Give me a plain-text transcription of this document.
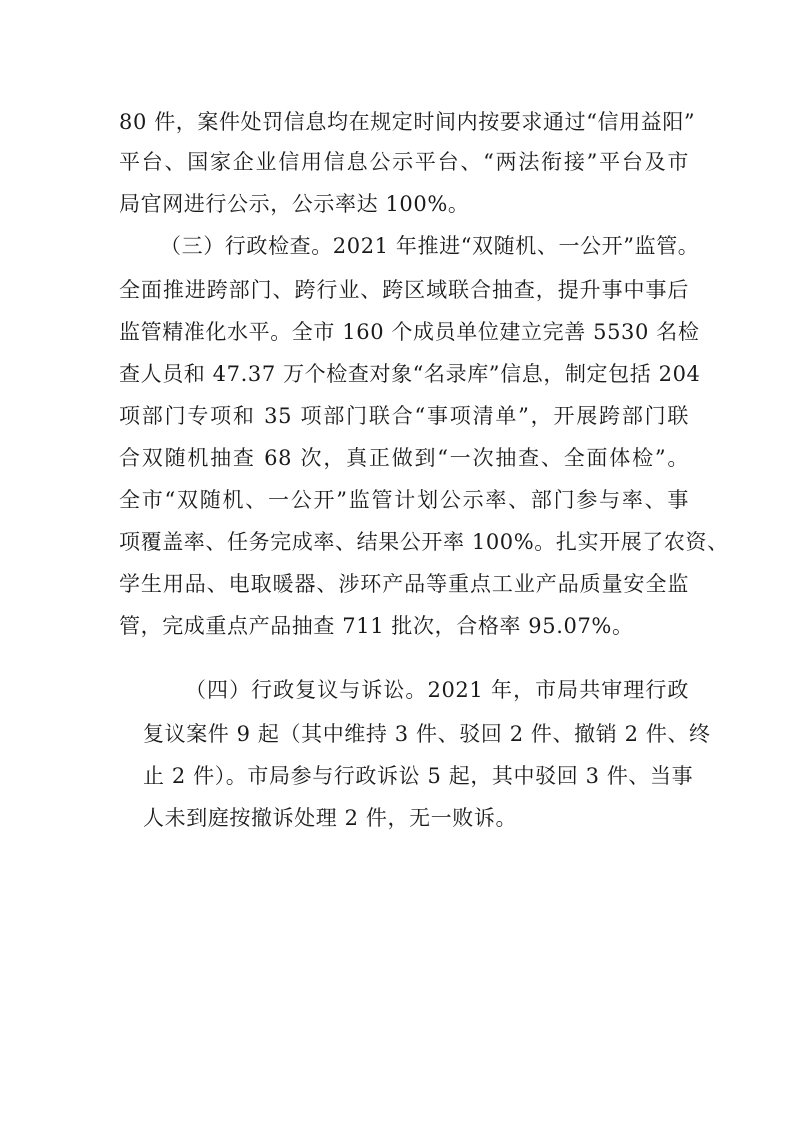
80 件，案件处罚信息均在规定时间内按要求通过“信用益阳”
平台、国家企业信用信息公示平台、“两法衔接”平台及市
局官网进行公示，公示率达 100%。
（三）行政检查。2021 年推进“双随机、一公开”监管。
全面推进跨部门、跨行业、跨区域联合抽查，提升事中事后
监管精准化水平。全市 160 个成员单位建立完善 5530 名检
查人员和 47.37 万个检查对象“名录库”信息，制定包括 204
项部门专项和 35 项部门联合“事项清单”，开展跨部门联
合双随机抽查 68 次，真正做到“一次抽查、全面体检”。
全市“双随机、一公开”监管计划公示率、部门参与率、事
项覆盖率、任务完成率、结果公开率 100%。扎实开展了农资、
学生用品、电取暖器、涉环产品等重点工业产品质量安全监
管，完成重点产品抽查 711 批次，合格率 95.07%。
（四）行政复议与诉讼。2021 年，市局共审理行政
复议案件 9 起（其中维持 3 件、驳回 2 件、撤销 2 件、终
止 2 件）。市局参与行政诉讼 5 起，其中驳回 3 件、当事
人未到庭按撤诉处理 2 件，无一败诉。
